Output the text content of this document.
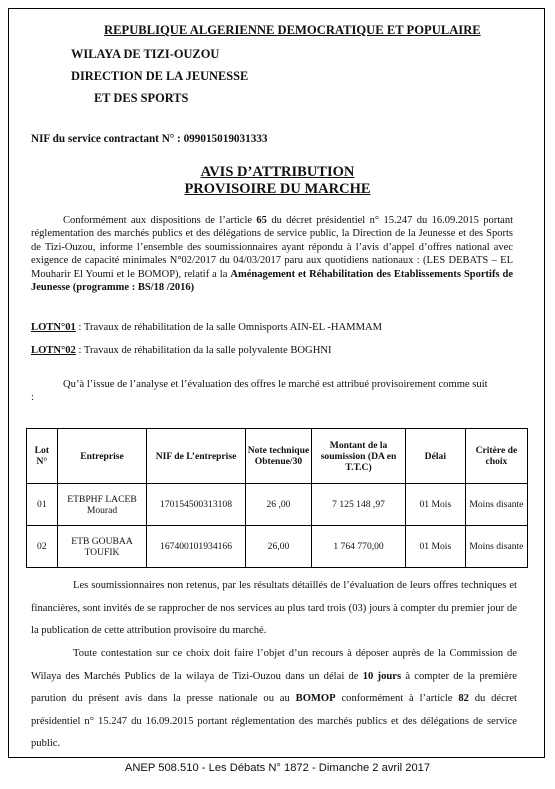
REPUBLIQUE ALGERIENNE DEMOCRATIQUE ET POPULAIRE
WILAYA DE TIZI-OUZOU
DIRECTION DE LA JEUNESSE
ET DES SPORTS
NIF du service contractant N° : 099015019031333
AVIS D’ATTRIBUTION
PROVISOIRE DU MARCHE
Conformément aux dispositions de l’article 65 du décret présidentiel n° 15.247 du 16.09.2015 portant réglementation des marchés publics et des délégations de service public, la Direction de la Jeunesse et des Sports de Tizi-Ouzou, informe l’ensemble des soumissionnaires ayant répondu à l’avis d’appel d’offres national avec exigence de capacité minimales N°02/2017 du 04/03/2017 paru aux quotidiens nationaux : (LES DEBATS – EL Mouharir El Youmi et le BOMOP), relatif a la Aménagement et Réhabilitation des Etablissements Sportifs de Jeunesse (programme : BS/18 /2016)
LOTN°01 : Travaux de réhabilitation de la salle Omnisports AIN-EL -HAMMAM
LOTN°02 : Travaux de réhabilitation da la salle polyvalente BOGHNI
Qu’à l’issue de l’analyse et l’évaluation des offres le marché est attribué provisoirement comme suit :
Lot N°	Entreprise	NIF de L’entreprise	Note technique Obtenue/30	Montant de la soumission (DA en T.T.C)	Délai	Critère de choix
01	ETBPHF LACEB Mourad	170154500313108	26 ,00	7 125 148 ,97	01 Mois	Moins disante
02	ETB GOUBAA TOUFIK	167400101934166	26,00	1 764 770,00	01 Mois	Moins disante
Les soumissionnaires non retenus, par les résultats détaillés de l’évaluation de leurs offres techniques et financières, sont invités de se rapprocher de nos services au plus tard trois (03) jours à compter du premier jour de la publication de cette attribution provisoire du marché.
Toute contestation sur ce choix doit faire l’objet d’un recours à déposer auprès de la Commission de Wilaya des Marchés Publics de la wilaya de Tizi-Ouzou dans un délai de 10 jours à compter de la première parution du présent avis dans la presse nationale ou au BOMOP conformément à l’article 82 du décret présidentiel n° 15.247 du 16.09.2015 portant réglementation des marchés publics et des délégations de service public.
ANEP 508.510 - Les Débats N° 1872 - Dimanche 2 avril 2017
